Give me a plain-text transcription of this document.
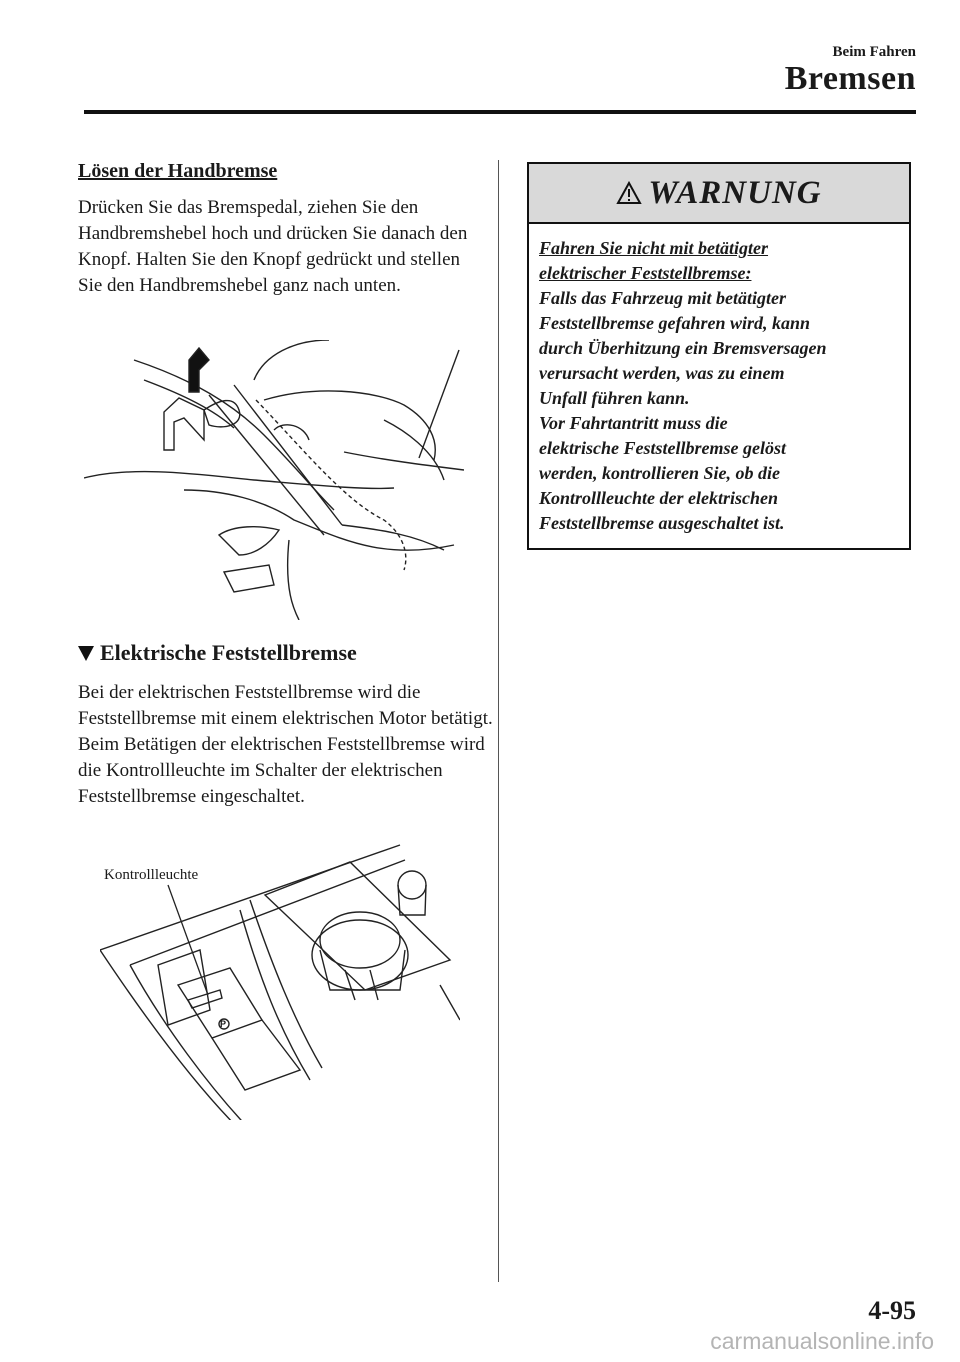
Beim Fahren
Bremsen
Lösen der Handbremse

Drücken Sie das Bremspedal, ziehen Sie den Handbremshebel hoch und drücken Sie danach den Knopf. Halten Sie den Knopf gedrückt und stellen Sie den Handbremshebel ganz nach unten.

Elektrische Feststellbremse

Bei der elektrischen Feststellbremse wird die Feststellbremse mit einem elektrischen Motor betätigt. Beim Betätigen der elektrischen Feststellbremse wird die Kontrollleuchte im Schalter der elektrischen Feststellbremse eingeschaltet.

P
Kontrollleuchte
WARNUNG
Fahren Sie nicht mit betätigter
elektrischer Feststellbremse:
Falls das Fahrzeug mit betätigter
Feststellbremse gefahren wird, kann
durch Überhitzung ein Bremsversagen
verursacht werden, was zu einem
Unfall führen kann.
Vor Fahrtantritt muss die
elektrische Feststellbremse gelöst
werden, kontrollieren Sie, ob die
Kontrollleuchte der elektrischen
Feststellbremse ausgeschaltet ist.
4-95
carmanualsonline.info
